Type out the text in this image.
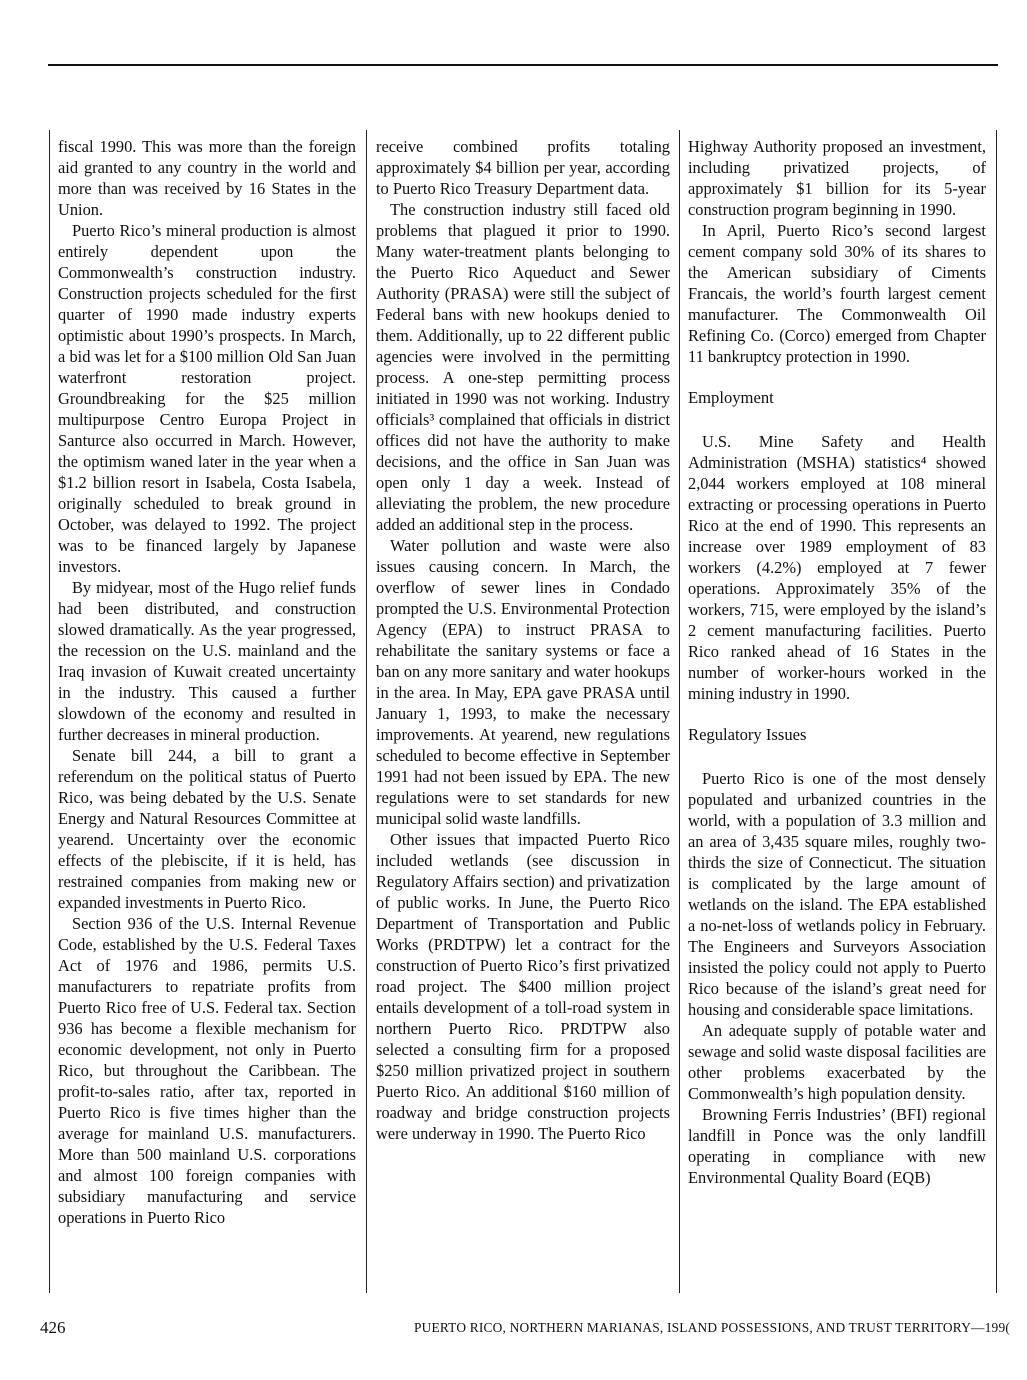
fiscal 1990. This was more than the foreign aid granted to any country in the world and more than was received by 16 States in the Union.

Puerto Rico’s mineral production is almost entirely dependent upon the Commonwealth’s construction industry. Construction projects scheduled for the first quarter of 1990 made industry experts optimistic about 1990’s prospects. In March, a bid was let for a $100 million Old San Juan waterfront restoration project. Groundbreaking for the $25 million multipurpose Centro Europa Project in Santurce also occurred in March. However, the optimism waned later in the year when a $1.2 billion resort in Isabela, Costa Isabela, originally scheduled to break ground in October, was delayed to 1992. The project was to be financed largely by Japanese investors.

By midyear, most of the Hugo relief funds had been distributed, and construction slowed dramatically. As the year progressed, the recession on the U.S. mainland and the Iraq invasion of Kuwait created uncertainty in the industry. This caused a further slowdown of the economy and resulted in further decreases in mineral production.

Senate bill 244, a bill to grant a referendum on the political status of Puerto Rico, was being debated by the U.S. Senate Energy and Natural Resources Committee at yearend. Uncertainty over the economic effects of the plebiscite, if it is held, has restrained companies from making new or expanded investments in Puerto Rico.

Section 936 of the U.S. Internal Revenue Code, established by the U.S. Federal Taxes Act of 1976 and 1986, permits U.S. manufacturers to repatriate profits from Puerto Rico free of U.S. Federal tax. Section 936 has become a flexible mechanism for economic development, not only in Puerto Rico, but throughout the Caribbean. The profit-to-sales ratio, after tax, reported in Puerto Rico is five times higher than the average for mainland U.S. manufacturers. More than 500 mainland U.S. corporations and almost 100 foreign companies with subsidiary manufacturing and service operations in Puerto Rico

receive combined profits totaling approximately $4 billion per year, according to Puerto Rico Treasury Department data.

The construction industry still faced old problems that plagued it prior to 1990. Many water-treatment plants belonging to the Puerto Rico Aqueduct and Sewer Authority (PRASA) were still the subject of Federal bans with new hookups denied to them. Additionally, up to 22 different public agencies were involved in the permitting process. A one-step permitting process initiated in 1990 was not working. Industry officials³ complained that officials in district offices did not have the authority to make decisions, and the office in San Juan was open only 1 day a week. Instead of alleviating the problem, the new procedure added an additional step in the process.

Water pollution and waste were also issues causing concern. In March, the overflow of sewer lines in Condado prompted the U.S. Environmental Protection Agency (EPA) to instruct PRASA to rehabilitate the sanitary systems or face a ban on any more sanitary and water hookups in the area. In May, EPA gave PRASA until January 1, 1993, to make the necessary improvements. At yearend, new regulations scheduled to become effective in September 1991 had not been issued by EPA. The new regulations were to set standards for new municipal solid waste landfills.

Other issues that impacted Puerto Rico included wetlands (see discussion in Regulatory Affairs section) and privatization of public works. In June, the Puerto Rico Department of Transportation and Public Works (PRDTPW) let a contract for the construction of Puerto Rico’s first privatized road project. The $400 million project entails development of a toll-road system in northern Puerto Rico. PRDTPW also selected a consulting firm for a proposed $250 million privatized project in southern Puerto Rico. An additional $160 million of roadway and bridge construction projects were underway in 1990. The Puerto Rico

Highway Authority proposed an investment, including privatized projects, of approximately $1 billion for its 5-year construction program beginning in 1990.

In April, Puerto Rico’s second largest cement company sold 30% of its shares to the American subsidiary of Ciments Francais, the world’s fourth largest cement manufacturer. The Commonwealth Oil Refining Co. (Corco) emerged from Chapter 11 bankruptcy protection in 1990.

Employment

U.S. Mine Safety and Health Administration (MSHA) statistics⁴ showed 2,044 workers employed at 108 mineral extracting or processing operations in Puerto Rico at the end of 1990. This represents an increase over 1989 employment of 83 workers (4.2%) employed at 7 fewer operations. Approximately 35% of the workers, 715, were employed by the island’s 2 cement manufacturing facilities. Puerto Rico ranked ahead of 16 States in the number of worker-hours worked in the mining industry in 1990.

Regulatory Issues

Puerto Rico is one of the most densely populated and urbanized countries in the world, with a population of 3.3 million and an area of 3,435 square miles, roughly two-thirds the size of Connecticut. The situation is complicated by the large amount of wetlands on the island. The EPA established a no-net-loss of wetlands policy in February. The Engineers and Surveyors Association insisted the policy could not apply to Puerto Rico because of the island’s great need for housing and considerable space limitations.

An adequate supply of potable water and sewage and solid waste disposal facilities are other problems exacerbated by the Commonwealth’s high population density.

Browning Ferris Industries’ (BFI) regional landfill in Ponce was the only landfill operating in compliance with new Environmental Quality Board (EQB)

426	PUERTO RICO, NORTHERN MARIANAS, ISLAND POSSESSIONS, AND TRUST TERRITORY—199(
